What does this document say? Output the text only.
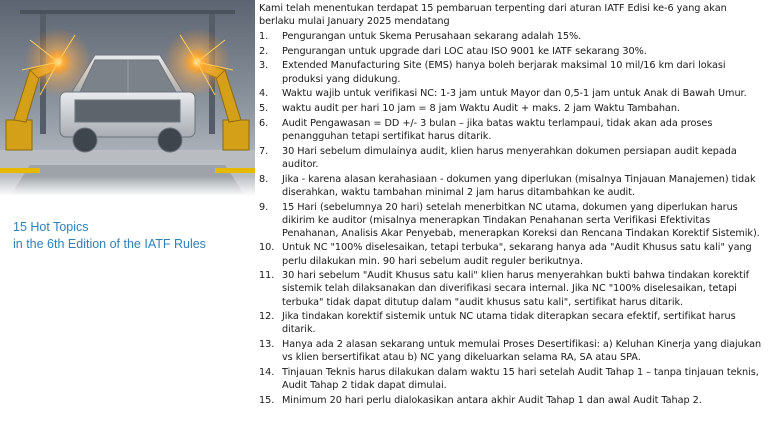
15 Hot Topics
in the 6th Edition of the IATF Rules

Kami telah menentukan terdapat 15 pembaruan terpenting dari aturan IATF Edisi ke-6 yang akan berlaku mulai January 2025 mendatang

1. Pengurangan untuk Skema Perusahaan sekarang adalah 15%.
2. Pengurangan untuk upgrade dari LOC atau ISO 9001 ke IATF sekarang 30%.
3. Extended Manufacturing Site (EMS) hanya boleh berjarak maksimal 10 mil/16 km dari lokasi produksi yang didukung.
4. Waktu wajib untuk verifikasi NC: 1-3 jam untuk Mayor dan 0,5-1 jam untuk Anak di Bawah Umur.
5. waktu audit per hari 10 jam = 8 jam Waktu Audit + maks. 2 jam Waktu Tambahan.
6. Audit Pengawasan = DD +/- 3 bulan – jika batas waktu terlampaui, tidak akan ada proses penangguhan tetapi sertifikat harus ditarik.
7. 30 Hari sebelum dimulainya audit, klien harus menyerahkan dokumen persiapan audit kepada auditor.
8. Jika - karena alasan kerahasiaan - dokumen yang diperlukan (misalnya Tinjauan Manajemen) tidak diserahkan, waktu tambahan minimal 2 jam harus ditambahkan ke audit.
9. 15 Hari (sebelumnya 20 hari) setelah menerbitkan NC utama, dokumen yang diperlukan harus dikirim ke auditor (misalnya menerapkan Tindakan Penahanan serta Verifikasi Efektivitas Penahanan, Analisis Akar Penyebab, menerapkan Koreksi dan Rencana Tindakan Korektif Sistemik).
10. Untuk NC "100% diselesaikan, tetapi terbuka", sekarang hanya ada "Audit Khusus satu kali" yang perlu dilakukan min. 90 hari sebelum audit reguler berikutnya.
11. 30 hari sebelum "Audit Khusus satu kali" klien harus menyerahkan bukti bahwa tindakan korektif sistemik telah dilaksanakan dan diverifikasi secara internal. Jika NC "100% diselesaikan, tetapi terbuka" tidak dapat ditutup dalam "audit khusus satu kali", sertifikat harus ditarik.
12. Jika tindakan korektif sistemik untuk NC utama tidak diterapkan secara efektif, sertifikat harus ditarik.
13. Hanya ada 2 alasan sekarang untuk memulai Proses Desertifikasi: a) Keluhan Kinerja yang diajukan vs klien bersertifikat atau b) NC yang dikeluarkan selama RA, SA atau SPA.
14. Tinjauan Teknis harus dilakukan dalam waktu 15 hari setelah Audit Tahap 1 – tanpa tinjauan teknis, Audit Tahap 2 tidak dapat dimulai.
15. Minimum 20 hari perlu dialokasikan antara akhir Audit Tahap 1 dan awal Audit Tahap 2.
